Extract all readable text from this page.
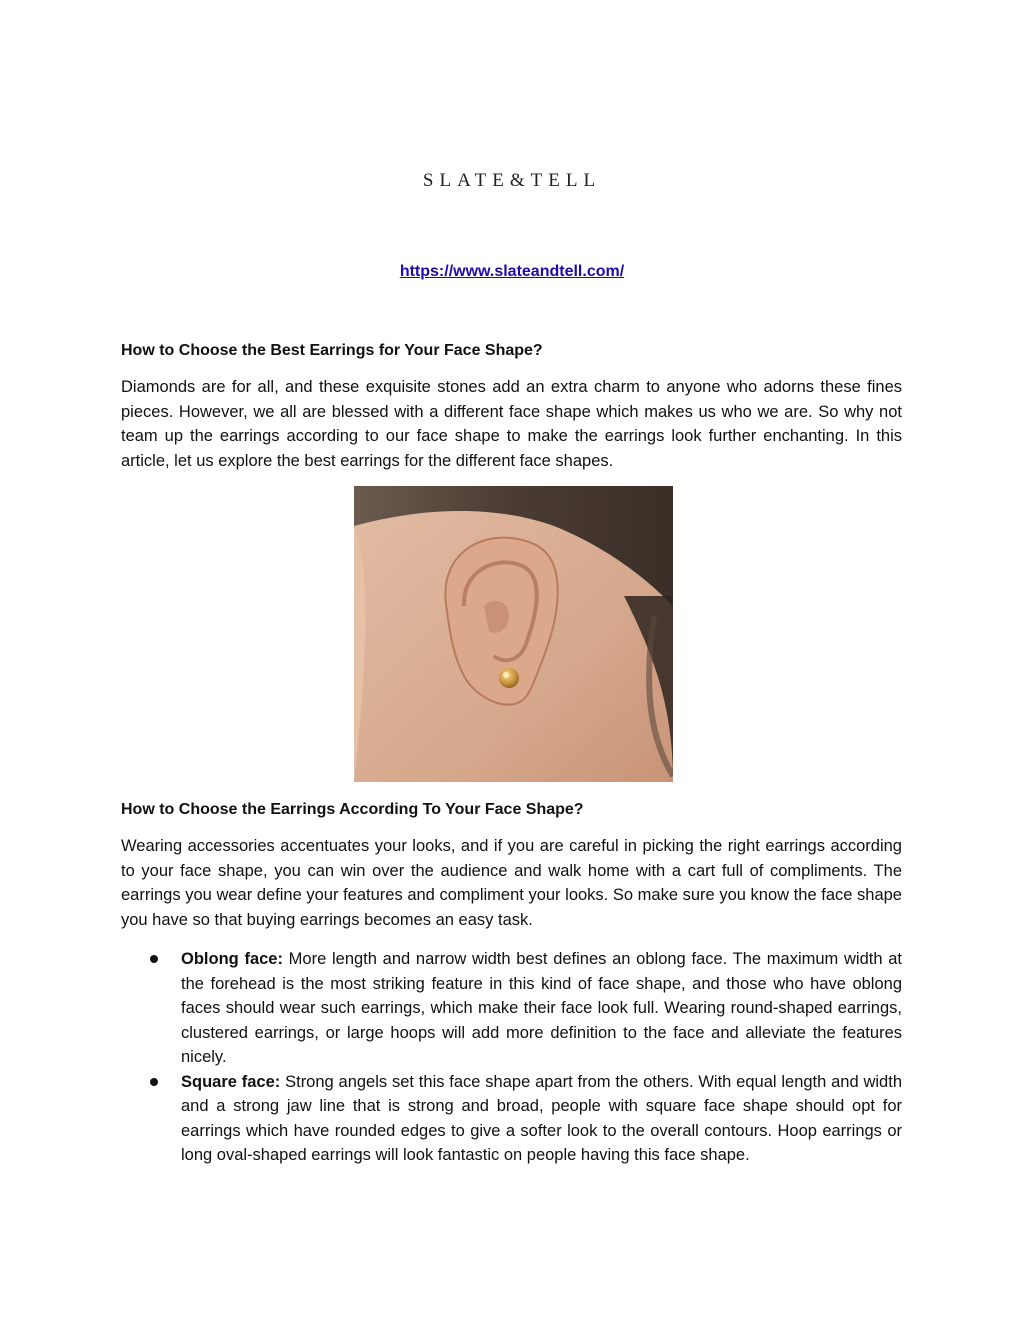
SLATE&TELL
https://www.slateandtell.com/
How to Choose the Best Earrings for Your Face Shape?

Diamonds are for all, and these exquisite stones add an extra charm to anyone who adorns these fines pieces. However, we all are blessed with a different face shape which makes us who we are. So why not team up the earrings according to our face shape to make the earrings look further enchanting. In this article, let us explore the best earrings for the different face shapes.

How to Choose the Earrings According To Your Face Shape?

Wearing accessories accentuates your looks, and if you are careful in picking the right earrings according to your face shape, you can win over the audience and walk home with a cart full of compliments. The earrings you wear define your features and compliment your looks. So make sure you know the face shape you have so that buying earrings becomes an easy task.

Oblong face: More length and narrow width best defines an oblong face. The maximum width at the forehead is the most striking feature in this kind of face shape, and those who have oblong faces should wear such earrings, which make their face look full. Wearing round-shaped earrings, clustered earrings, or large hoops will add more definition to the face and alleviate the features nicely.
Square face: Strong angels set this face shape apart from the others. With equal length and width and a strong jaw line that is strong and broad, people with square face shape should opt for earrings which have rounded edges to give a softer look to the overall contours. Hoop earrings or long oval-shaped earrings will look fantastic on people having this face shape.
